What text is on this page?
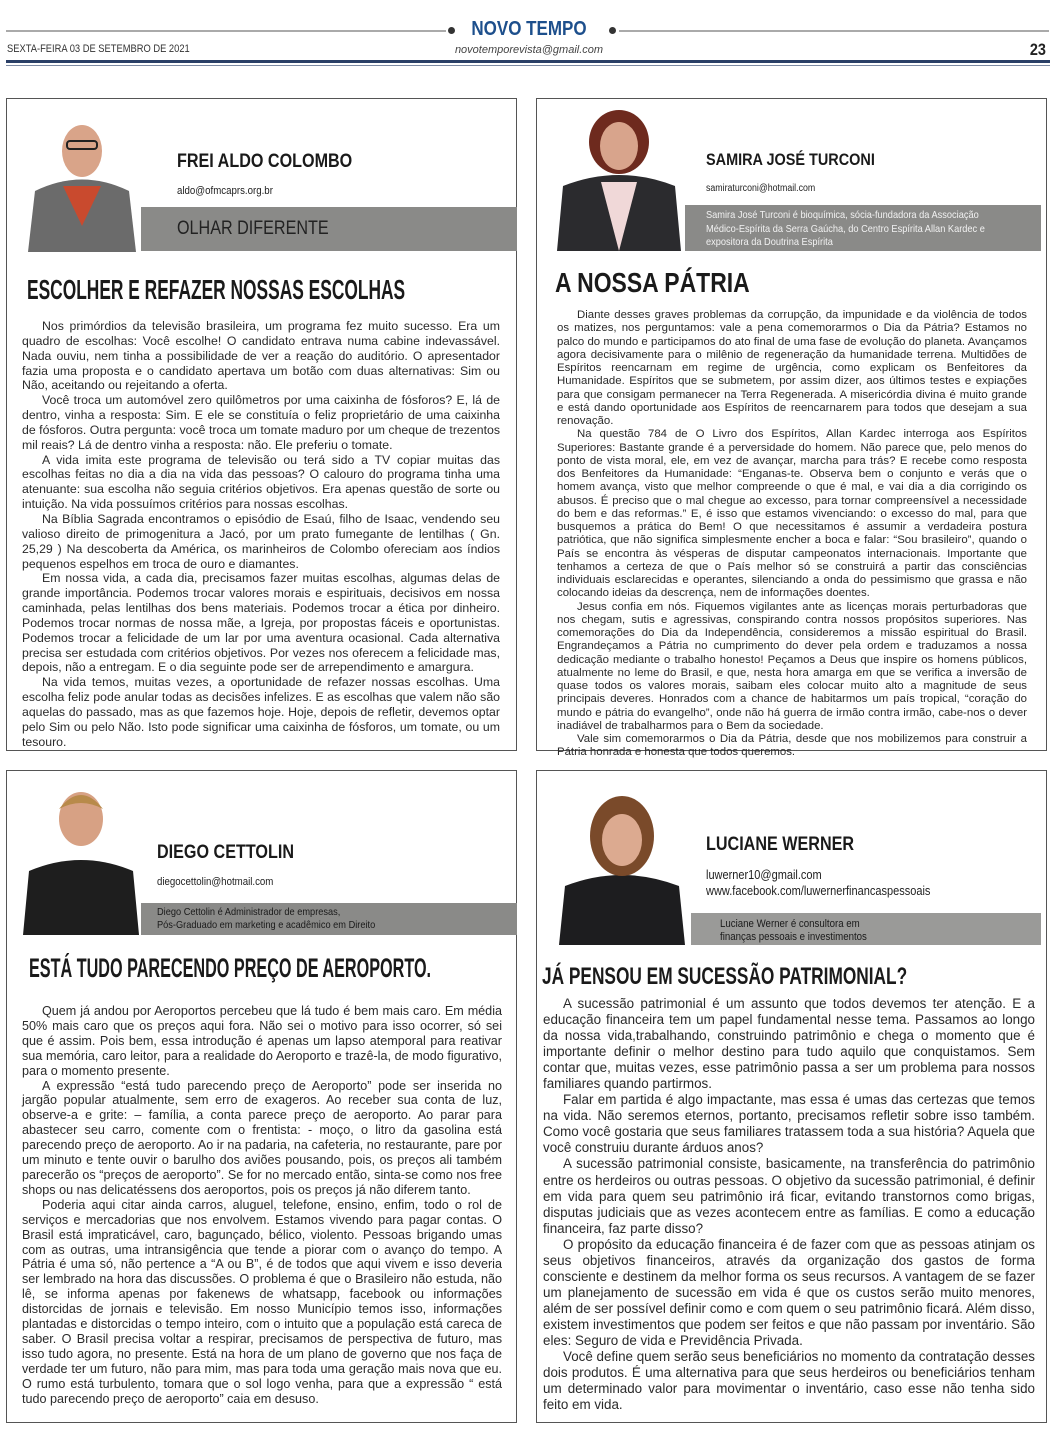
NOVO TEMPO
SEXTA-FEIRA 03 DE SETEMBRO DE 2021	novotemporevista@gmail.com	23
FREI ALDO COLOMBO
aldo@ofmcaprs.org.br
OLHAR DIFERENTE
ESCOLHER E REFAZER NOSSAS ESCOLHAS

Nos primórdios da televisão brasileira, um programa fez muito sucesso. Era um quadro de escolhas: Você escolhe! O candidato entrava numa cabine indevassável. Nada ouviu, nem tinha a possibilidade de ver a reação do auditório. O apresentador fazia uma proposta e o candidato apertava um botão com duas alternativas: Sim ou Não, aceitando ou rejeitando a oferta.

Você troca um automóvel zero quilômetros por uma caixinha de fósforos? E, lá de dentro, vinha a resposta: Sim. E ele se constituía o feliz proprietário de uma caixinha de fósforos. Outra pergunta: você troca um tomate maduro por um cheque de trezentos mil reais? Lá de dentro vinha a resposta: não. Ele preferiu o tomate.

A vida imita este programa de televisão ou terá sido a TV copiar muitas das escolhas feitas no dia a dia na vida das pessoas? O calouro do programa tinha uma atenuante: sua escolha não seguia critérios objetivos. Era apenas questão de sorte ou intuição. Na vida possuímos critérios para nossas escolhas.

Na Bíblia Sagrada encontramos o episódio de Esaú, filho de Isaac, vendendo seu valioso direito de primogenitura a Jacó, por um prato fumegante de lentilhas ( Gn. 25,29 ) Na descoberta da América, os marinheiros de Colombo ofereciam aos índios pequenos espelhos em troca de ouro e diamantes.

Em nossa vida, a cada dia, precisamos fazer muitas escolhas, algumas delas de grande importância. Podemos trocar valores morais e espirituais, decisivos em nossa caminhada, pelas lentilhas dos bens materiais. Podemos trocar a ética por dinheiro. Podemos trocar normas de nossa mãe, a Igreja, por propostas fáceis e oportunistas. Podemos trocar a felicidade de um lar por uma aventura ocasional. Cada alternativa precisa ser estudada com critérios objetivos. Por vezes nos oferecem a felicidade mas, depois, não a entregam. E o dia seguinte pode ser de arrependimento e amargura.

Na vida temos, muitas vezes, a oportunidade de refazer nossas escolhas. Uma escolha feliz pode anular todas as decisões infelizes. E as escolhas que valem não são aquelas do passado, mas as que fazemos hoje. Hoje, depois de refletir, devemos optar pelo Sim ou pelo Não. Isto pode significar uma caixinha de fósforos, um tomate, ou um tesouro.

SAMIRA JOSÉ TURCONI
samiraturconi@hotmail.com
Samira José Turconi é bioquímica, sócia-fundadora da Associação
Médico-Espírita da Serra Gaúcha, do Centro Espírita Allan Kardec e
expositora da Doutrina Espírita
A NOSSA PÁTRIA

Diante desses graves problemas da corrupção, da impunidade e da violência de todos os matizes, nos perguntamos: vale a pena comemorarmos o Dia da Pátria? Estamos no palco do mundo e participamos do ato final de uma fase de evolução do planeta. Avançamos agora decisivamente para o milênio de regeneração da humanidade terrena. Multidões de Espíritos reencarnam em regime de urgência, como explicam os Benfeitores da Humanidade. Espíritos que se submetem, por assim dizer, aos últimos testes e expiações para que consigam permanecer na Terra Regenerada. A misericórdia divina é muito grande e está dando oportunidade aos Espíritos de reencarnarem para todos que desejam a sua renovação.

Na questão 784 de O Livro dos Espíritos, Allan Kardec interroga aos Espíritos Superiores: Bastante grande é a perversidade do homem. Não parece que, pelo menos do ponto de vista moral, ele, em vez de avançar, marcha para trás? E recebe como resposta dos Benfeitores da Humanidade: “Enganas-te. Observa bem o conjunto e verás que o homem avança, visto que melhor compreende o que é mal, e vai dia a dia corrigindo os abusos. É preciso que o mal chegue ao excesso, para tornar compreensível a necessidade do bem e das reformas.” E, é isso que estamos vivenciando: o excesso do mal, para que busquemos a prática do Bem! O que necessitamos é assumir a verdadeira postura patriótica, que não significa simplesmente encher a boca e falar: “Sou brasileiro”, quando o País se encontra às vésperas de disputar campeonatos internacionais. Importante que tenhamos a certeza de que o País melhor só se construirá a partir das consciências individuais esclarecidas e operantes, silenciando a onda do pessimismo que grassa e não colocando ideias da descrença, nem de informações doentes.

Jesus confia em nós. Fiquemos vigilantes ante as licenças morais perturbadoras que nos chegam, sutis e agressivas, conspirando contra nossos propósitos superiores. Nas comemorações do Dia da Independência, consideremos a missão espiritual do Brasil. Engrandeçamos a Pátria no cumprimento do dever pela ordem e traduzamos a nossa dedicação mediante o trabalho honesto! Peçamos a Deus que inspire os homens públicos, atualmente no leme do Brasil, e que, nesta hora amarga em que se verifica a inversão de quase todos os valores morais, saibam eles colocar muito alto a magnitude de seus principais deveres. Honrados com a chance de habitarmos um país tropical, “coração do mundo e pátria do evangelho”, onde não há guerra de irmão contra irmão, cabe-nos o dever inadiável de trabalharmos para o Bem da sociedade.

Vale sim comemorarmos o Dia da Pátria, desde que nos mobilizemos para construir a Pátria honrada e honesta que todos queremos.

DIEGO CETTOLIN
diegocettolin@hotmail.com
Diego Cettolin é Administrador de empresas,
Pós-Graduado em marketing e acadêmico em Direito
ESTÁ TUDO PARECENDO PREÇO DE AEROPORTO.

Quem já andou por Aeroportos percebeu que lá tudo é bem mais caro. Em média 50% mais caro que os preços aqui fora. Não sei o motivo para isso ocorrer, só sei que é assim. Pois bem, essa introdução é apenas um lapso atemporal para reativar sua memória, caro leitor, para a realidade do Aeroporto e trazê-la, de modo figurativo, para o momento presente.

A expressão “está tudo parecendo preço de Aeroporto” pode ser inserida no jargão popular atualmente, sem erro de exageros. Ao receber sua conta de luz, observe-a e grite: – família, a conta parece preço de aeroporto. Ao parar para abastecer seu carro, comente com o frentista: - moço, o litro da gasolina está parecendo preço de aeroporto. Ao ir na padaria, na cafeteria, no restaurante, pare por um minuto e tente ouvir o barulho dos aviões pousando, pois, os preços ali também parecerão os “preços de aeroporto”. Se for no mercado então, sinta-se como nos free shops ou nas delicatéssens dos aeroportos, pois os preços já não diferem tanto.

Poderia aqui citar ainda carros, aluguel, telefone, ensino, enfim, todo o rol de serviços e mercadorias que nos envolvem. Estamos vivendo para pagar contas. O Brasil está impraticável, caro, bagunçado, bélico, violento. Pessoas brigando umas com as outras, uma intransigência que tende a piorar com o avanço do tempo. A Pátria é uma só, não pertence a “A ou B”, é de todos que aqui vivem e isso deveria ser lembrado na hora das discussões. O problema é que o Brasileiro não estuda, não lê, se informa apenas por fakenews de whatsapp, facebook ou informações distorcidas de jornais e televisão. Em nosso Município temos isso, informações plantadas e distorcidas o tempo inteiro, com o intuito que a população está careca de saber. O Brasil precisa voltar a respirar, precisamos de perspectiva de futuro, mas isso tudo agora, no presente. Está na hora de um plano de governo que nos faça de verdade ter um futuro, não para mim, mas para toda uma geração mais nova que eu. O rumo está turbulento, tomara que o sol logo venha, para que a expressão “ está tudo parecendo preço de aeroporto” caia em desuso.

LUCIANE WERNER
luwerner10@gmail.com
www.facebook.com/luwernerfinancaspessoais
Luciane Werner é consultora em
finanças pessoais e investimentos
JÁ PENSOU EM SUCESSÃO PATRIMONIAL?

A sucessão patrimonial é um assunto que todos devemos ter atenção. E a educação financeira tem um papel fundamental nesse tema. Passamos ao longo da nossa vida,trabalhando, construindo patrimônio e chega o momento que é importante definir o melhor destino para tudo aquilo que conquistamos. Sem contar que, muitas vezes, esse patrimônio passa a ser um problema para nossos familiares quando partirmos.

Falar em partida é algo impactante, mas essa é umas das certezas que temos na vida. Não seremos eternos, portanto, precisamos refletir sobre isso também. Como você gostaria que seus familiares tratassem toda a sua história? Aquela que você construiu durante árduos anos?

A sucessão patrimonial consiste, basicamente, na transferência do patrimônio entre os herdeiros ou outras pessoas. O objetivo da sucessão patrimonial, é definir em vida para quem seu patrimônio irá ficar, evitando transtornos como brigas, disputas judiciais que as vezes acontecem entre as famílias. E como a educação financeira, faz parte disso?

O propósito da educação financeira é de fazer com que as pessoas atinjam os seus objetivos financeiros, através da organização dos gastos de forma consciente e destinem da melhor forma os seus recursos. A vantagem de se fazer um planejamento de sucessão em vida é que os custos serão muito menores, além de ser possível definir como e com quem o seu patrimônio ficará. Além disso, existem investimentos que podem ser feitos e que não passam por inventário. São eles: Seguro de vida e Previdência Privada.

Você define quem serão seus beneficiários no momento da contratação desses dois produtos. É uma alternativa para que seus herdeiros ou beneficiários tenham um determinado valor para movimentar o inventário, caso esse não tenha sido feito em vida.
